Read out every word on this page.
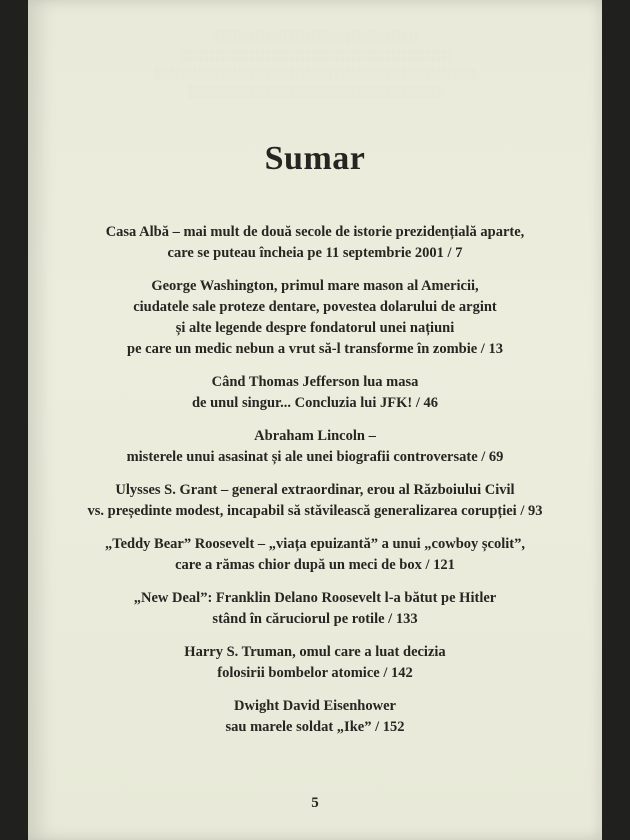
░░░░░░░░░░░░░░░░░░░░░░░░
░░░░░░░░░░░░░░░░░░░░░░░░░░░░░░░░
░░░░░░░░░░░░░░░░░░░░░░░░░░░░░░░░░░░░░░
░░░░░░░░░░░░░░░░░░░░░░░░░░░░░░
Sumar
Casa Albă – mai mult de două secole de istorie prezidențială aparte,
care se puteau încheia pe 11 septembrie 2001 / 7
George Washington, primul mare mason al Americii,
ciudatele sale proteze dentare, povestea dolarului de argint
și alte legende despre fondatorul unei națiuni
pe care un medic nebun a vrut să-l transforme în zombie / 13
Când Thomas Jefferson lua masa
de unul singur... Concluzia lui JFK! / 46
Abraham Lincoln –
misterele unui asasinat și ale unei biografii controversate / 69
Ulysses S. Grant – general extraordinar, erou al Războiului Civil
vs. președinte modest, incapabil să stăvilească generalizarea corupției / 93
„Teddy Bear” Roosevelt – „viața epuizantă” a unui „cowboy școlit”,
care a rămas chior după un meci de box / 121
„New Deal”: Franklin Delano Roosevelt l-a bătut pe Hitler
stând în căruciorul pe rotile / 133
Harry S. Truman, omul care a luat decizia
folosirii bombelor atomice / 142
Dwight David Eisenhower
sau marele soldat „Ike” / 152
5
